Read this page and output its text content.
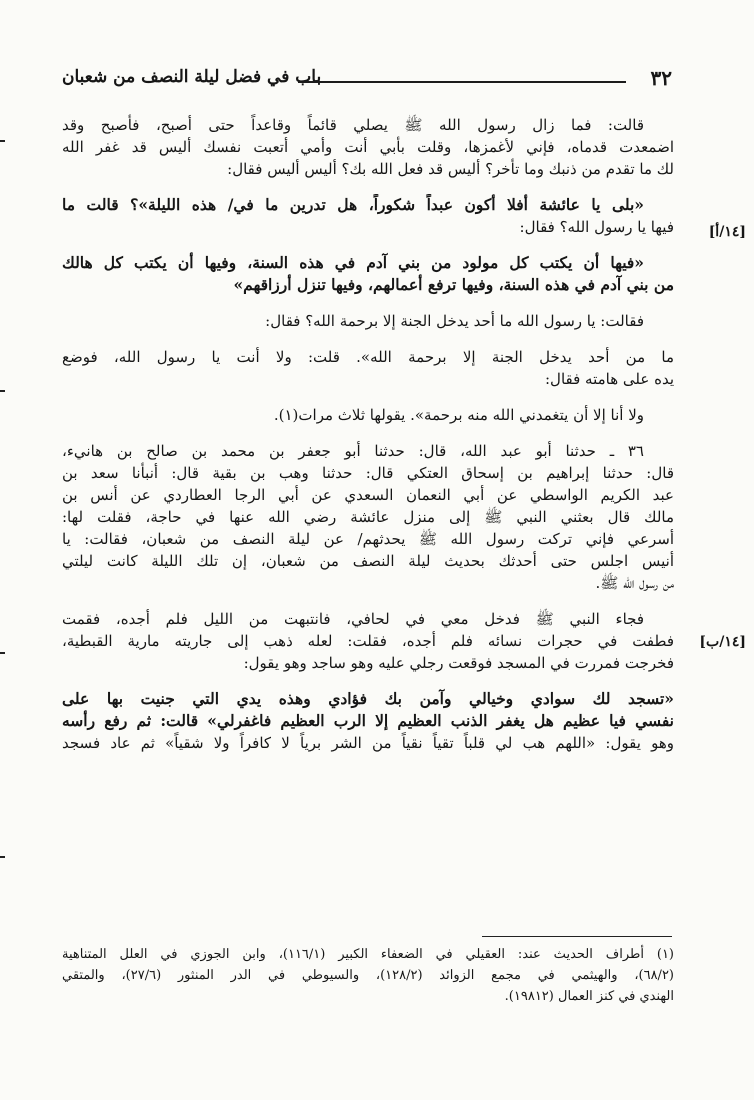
باب في فضل ليلة النصف من شعبان	٣٢
[١٤/أ]
[١٤/ب]
قالت: فما زال رسول الله ﷺ يصلي قائماً وقاعداً حتى أصبح، فأصبح وقد
اضمعدت قدماه، فإني لأغمزها، وقلت بأبي أنت وأمي أتعبت نفسك أليس قد غفر الله
لك ما تقدم من ذنبك وما تأخر؟ أليس قد فعل الله بك؟ أليس أليس فقال:
«بلى يا عائشة أفلا أكون عبداً شكوراً، هل تدرين ما في/ هذه الليلة»؟ قالت ما
فيها يا رسول الله؟ فقال:
«فيها أن يكتب كل مولود من بني آدم في هذه السنة، وفيها أن يكتب كل هالك
من بني آدم في هذه السنة، وفيها ترفع أعمالهم، وفيها تنزل أرزاقهم»
فقالت: يا رسول الله ما أحد يدخل الجنة إلا برحمة الله؟ فقال:
ما من أحد يدخل الجنة إلا برحمة الله». قلت: ولا أنت يا رسول الله، فوضع
يده على هامته فقال:
ولا أنا إلا أن يتغمدني الله منه برحمة». يقولها ثلاث مرات(١).
٣٦ ـ حدثنا أبو عبد الله، قال: حدثنا أبو جعفر بن محمد بن صالح بن هانيء،
قال: حدثنا إبراهيم بن إسحاق العتكي قال: حدثنا وهب بن بقية قال: أنبأنا سعد بن
عبد الكريم الواسطي عن أبي النعمان السعدي عن أبي الرجا العطاردي عن أنس بن
مالك قال بعثني النبي ﷺ إلى منزل عائشة رضي الله عنها في حاجة، فقلت لها:
أسرعي فإني تركت رسول الله ﷺ يحدثهم/ عن ليلة النصف من شعبان، فقالت: يا
أنيس اجلس حتى أحدثك بحديث ليلة النصف من شعبان، إن تلك الليلة كانت ليلتي
من رسول الله ﷺ.
فجاء النبي ﷺ فدخل معي في لحافي، فانتبهت من الليل فلم أجده، فقمت
فطفت في حجرات نسائه فلم أجده، فقلت: لعله ذهب إلى جاريته مارية القبطية،
فخرجت فمررت في المسجد فوقعت رجلي عليه وهو ساجد وهو يقول:
«تسجد لك سوادي وخيالي وآمن بك فؤادي وهذه يدي التي جنيت بها على
نفسي فيا عظيم هل يغفر الذنب العظيم إلا الرب العظيم فاغفرلي» قالت: ثم رفع رأسه
وهو يقول: «اللهم هب لي قلباً تقياً نقياً من الشر برياً لا كافراً ولا شقياً» ثم عاد فسجد
(١) أطراف الحديث عند: العقيلي في الضعفاء الكبير (١١٦/١)، وابن الجوزي في العلل المتناهية
(٦٨/٢)، والهيثمي في مجمع الزوائد (١٢٨/٢)، والسيوطي في الدر المنثور (٢٧/٦)، والمتقي
الهندي في كنز العمال (١٩٨١٢).
